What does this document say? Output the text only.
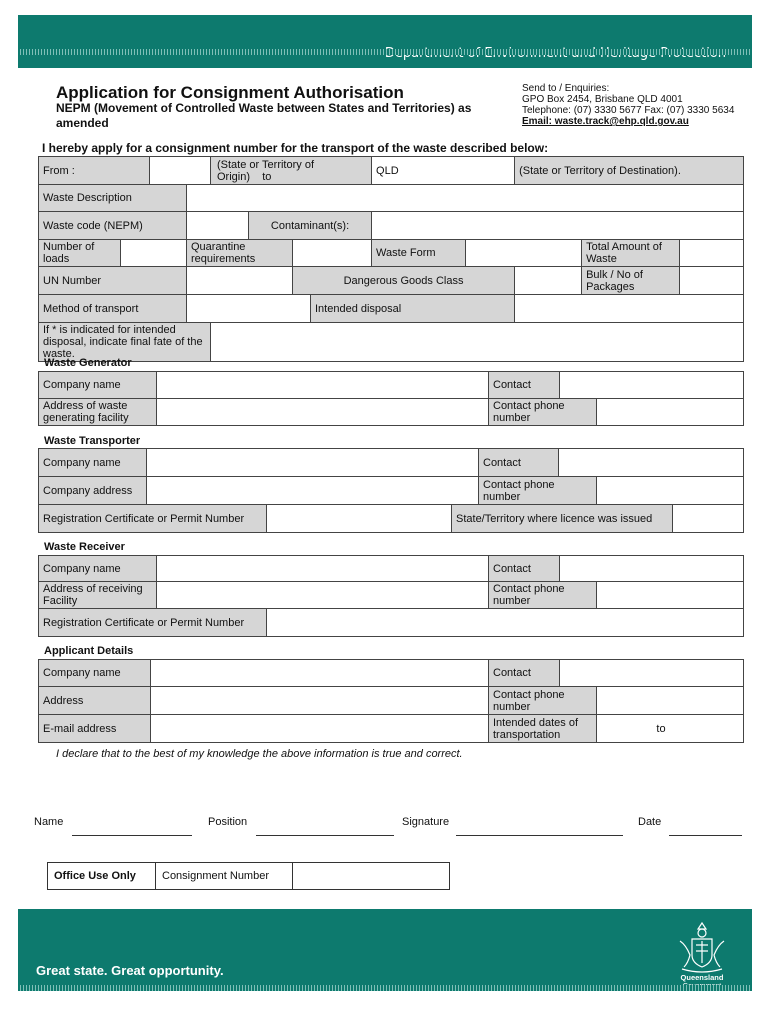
Application for Consignment Authorisation
NEPM (Movement of Controlled Waste between States and Territories) as amended
Send to / Enquiries:
GPO Box 2454, Brisbane QLD 4001
Telephone: (07) 3330 5677 Fax: (07) 3330 5634
Email: waste.track@ehp.qld.gov.au
I hereby apply for a consignment number for the transport of the waste described below:
From :				(State or Territory of Origin) to				QLD		(State or Territory of Destination).		
Waste Description												
Waste code (NEPM)					Contaminant(s):							
Number of loads			Quarantine requirements					Waste Form			Total Amount of Waste	
UN Number						Dangerous Goods Class					Bulk / No of Packages	
Method of transport							Intended disposal					
If * is indicated for intended disposal, indicate final fate of the waste.												
Waste Generator
Company name		Contact		
Address of waste generating facility		Contact phone number		
Waste Transporter
Company name				Contact			
Company address				Contact phone number			
Registration Certificate or Permit Number			State/Territory where licence was issued				
Waste Receiver
Company name			Contact		
Address of receiving Facility			Contact phone number		
Registration Certificate or Permit Number					
Applicant Details
Company name		Contact		
Address		Contact phone number		
E-mail address		Intended dates of transportation		to
I declare that to the best of my knowledge the above information is true and correct.
Name	Position	Signature	Date
Office Use Only	Consignment Number	
Great state. Great opportunity.	Queensland
